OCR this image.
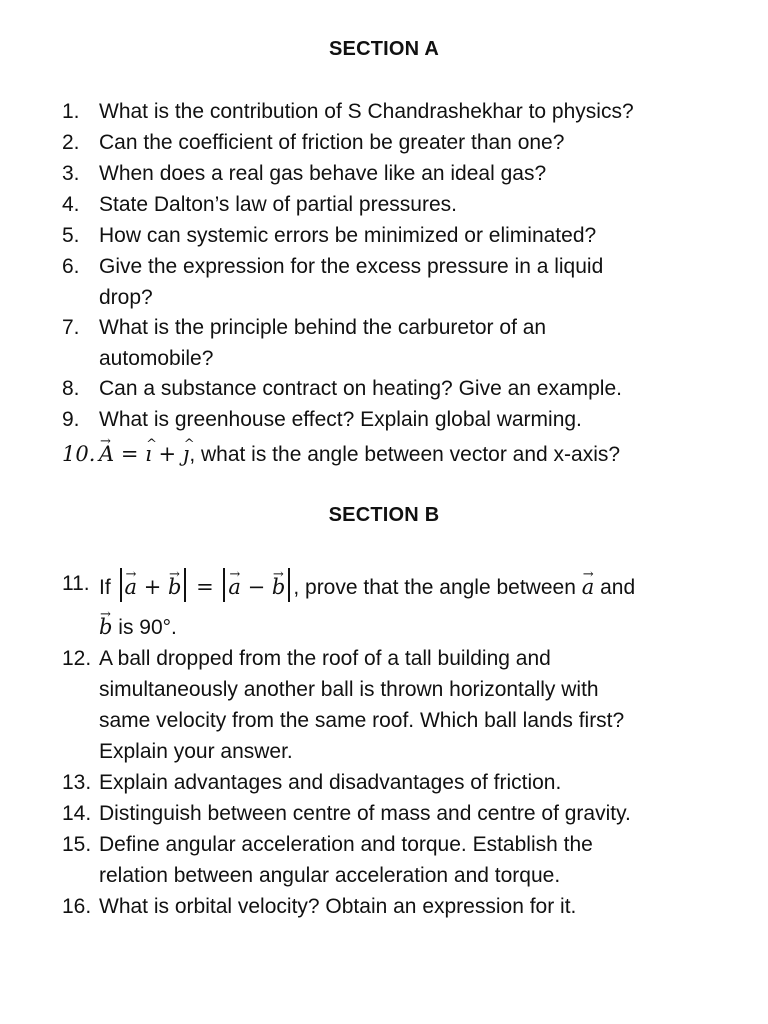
SECTION A
1. What is the contribution of S Chandrashekhar to physics?
2. Can the coefficient of friction be greater than one?
3. When does a real gas behave like an ideal gas?
4. State Dalton’s law of partial pressures.
5. How can systemic errors be minimized or eliminated?
6. Give the expression for the excess pressure in a liquid
drop?
7. What is the principle behind the carburetor of an
automobile?
8. Can a substance contract on heating? Give an example.
9. What is greenhouse effect? Explain global warming.
10. → A = ^ ı + ^ ȷ, what is the angle between vector and x-axis?
SECTION B
11. If → a + → b = → a − → b , prove that the angle between → a and
→ b is 90°.
12. A ball dropped from the roof of a tall building and
simultaneously another ball is thrown horizontally with
same velocity from the same roof. Which ball lands first?
Explain your answer.
13. Explain advantages and disadvantages of friction.
14. Distinguish between centre of mass and centre of gravity.
15. Define angular acceleration and torque. Establish the
relation between angular acceleration and torque.
16. What is orbital velocity? Obtain an expression for it.
